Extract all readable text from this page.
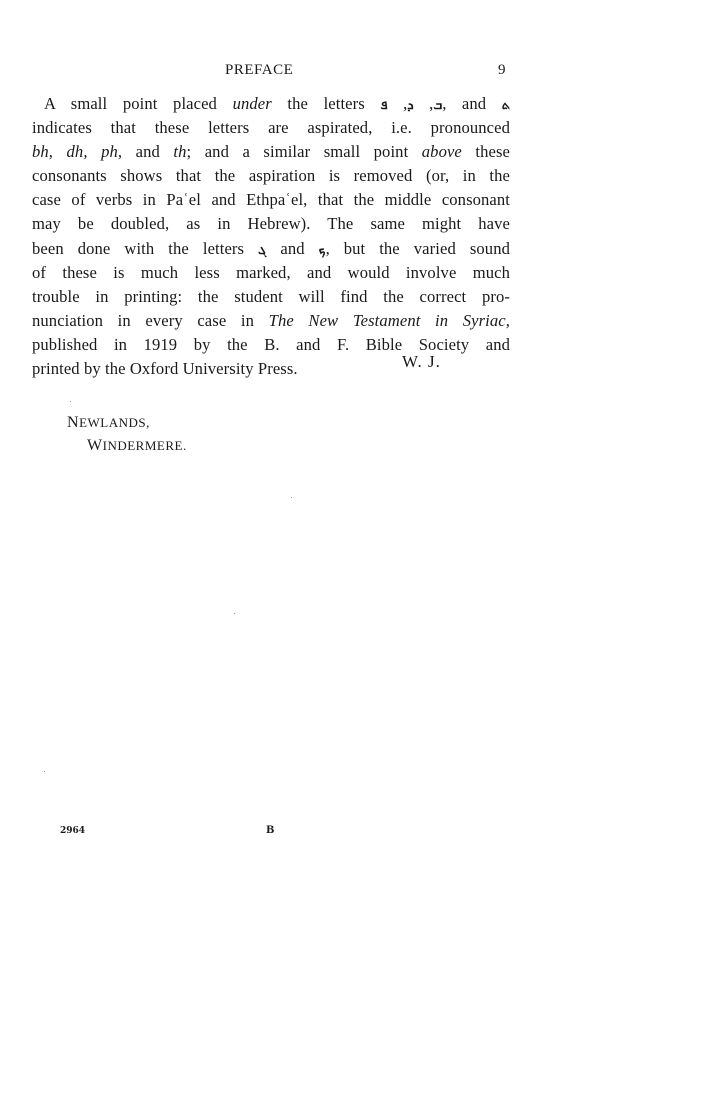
PREFACE	9
A small point placed under the letters	ܒ, ܕ, ܦ	, and ܬ
indicates that these letters are aspirated, i.e. pronounced
bh, dh, ph, and th; and a similar small point above these
consonants shows that the aspiration is removed (or, in the
case of verbs in Paʿel and Ethpaʿel, that the middle consonant
may be doubled, as in Hebrew). The same might have
been done with the letters ܓ and ܟ, but the varied sound
of these is much less marked, and would involve much
trouble in printing: the student will find the correct pro-
nunciation in every case in The New Testament in Syriac,
published in 1919 by the B. and F. Bible Society and
printed by the Oxford University Press.	W. J.
NEWLANDS,
WINDERMERE.
2964	B
